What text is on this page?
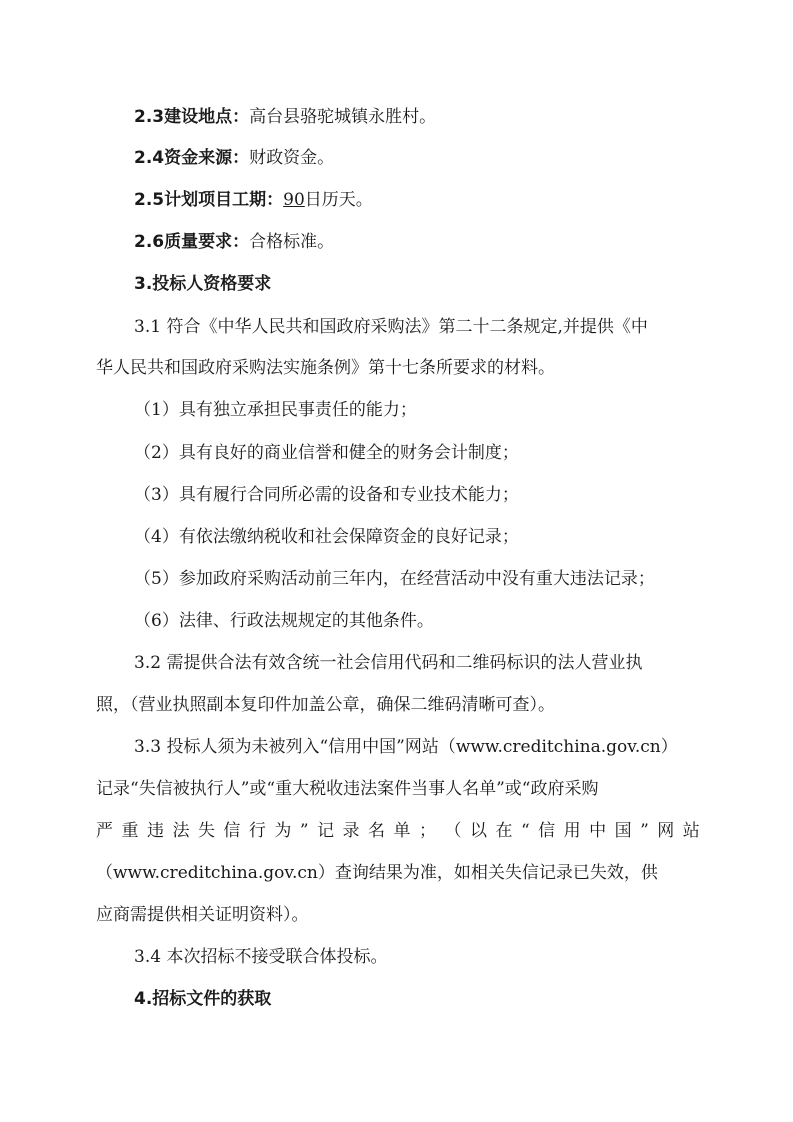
2.3建设地点：高台县骆驼城镇永胜村。
2.4资金来源：财政资金。
2.5计划项目工期：90日历天。
2.6质量要求：合格标准。
3.投标人资格要求
3.1 符合《中华人民共和国政府采购法》第二十二条规定,并提供《中
华人民共和国政府采购法实施条例》第十七条所要求的材料。
（1）具有独立承担民事责任的能力；
（2）具有良好的商业信誉和健全的财务会计制度；
（3）具有履行合同所必需的设备和专业技术能力；
（4）有依法缴纳税收和社会保障资金的良好记录；
（5）参加政府采购活动前三年内，在经营活动中没有重大违法记录；
（6）法律、行政法规规定的其他条件。
3.2 需提供合法有效含统一社会信用代码和二维码标识的法人营业执
照，（营业执照副本复印件加盖公章，确保二维码清晰可查）。
3.3 投标人须为未被列入“信用中国”网站（www.creditchina.gov.cn）
记录“失信被执行人”或“重大税收违法案件当事人名单”或“政府采购
严 重 违 法 失 信 行 为 ” 记 录 名 单 ； （ 以 在 “ 信 用 中 国 ” 网 站
（www.creditchina.gov.cn）查询结果为准，如相关失信记录已失效，供
应商需提供相关证明资料）。
3.4 本次招标不接受联合体投标。
4.招标文件的获取
